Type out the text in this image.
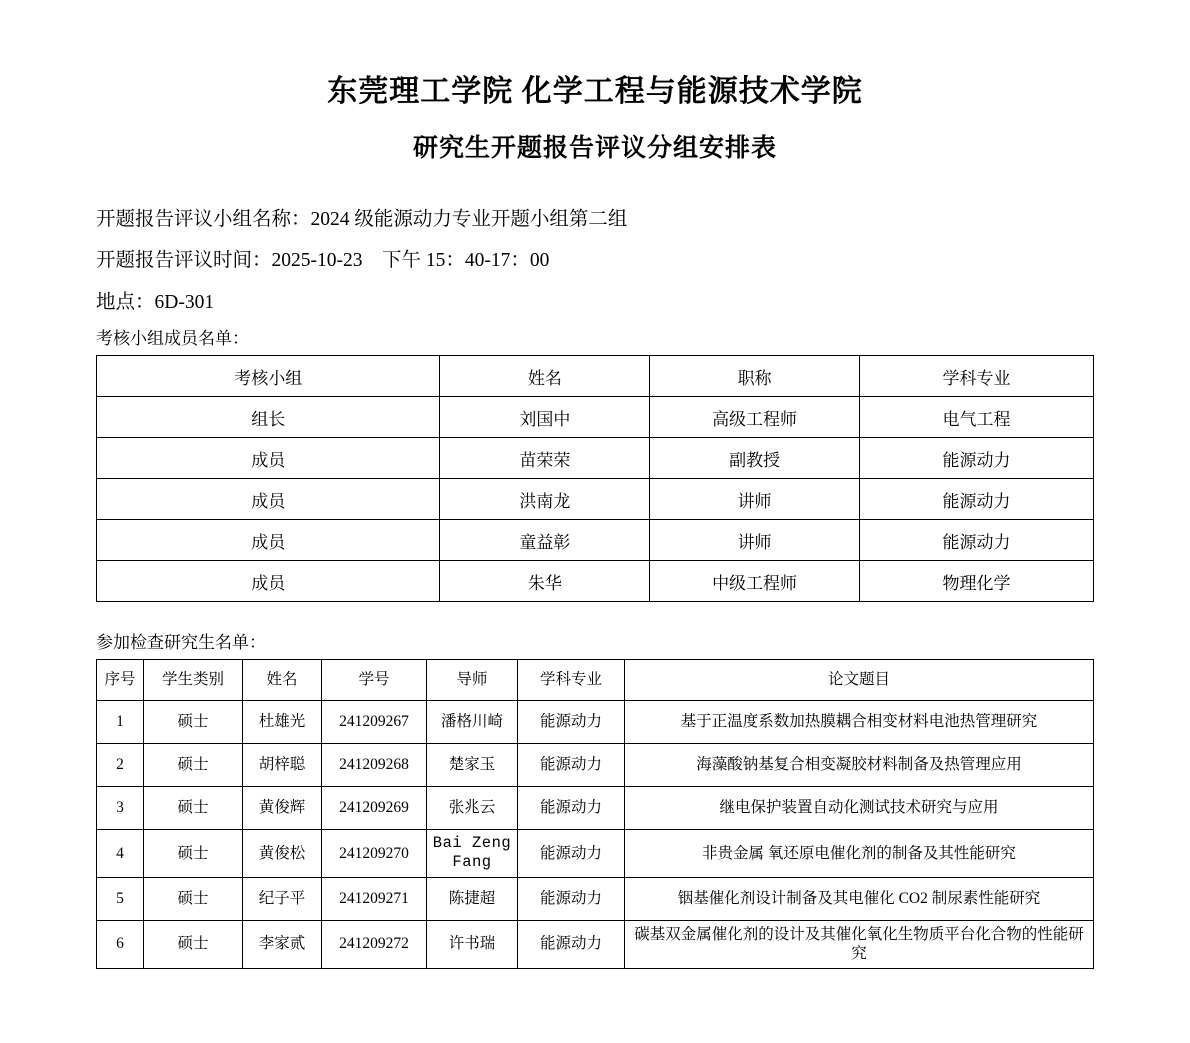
东莞理工学院 化学工程与能源技术学院
研究生开题报告评议分组安排表
开题报告评议小组名称：2024 级能源动力专业开题小组第二组
开题报告评议时间：2025-10-23    下午 15：40-17：00
地点：6D-301
考核小组成员名单：
考核小组	姓名	职称	学科专业
组长	刘国中	高级工程师	电气工程
成员	苗荣荣	副教授	能源动力
成员	洪南龙	讲师	能源动力
成员	童益彰	讲师	能源动力
成员	朱华	中级工程师	物理化学
参加检查研究生名单：
序号	学生类别	姓名	学号	导师	学科专业	论文题目
1	硕士	杜雄光	241209267	潘格川崎	能源动力	基于正温度系数加热膜耦合相变材料电池热管理研究
2	硕士	胡梓聪	241209268	楚家玉	能源动力	海藻酸钠基复合相变凝胶材料制备及热管理应用
3	硕士	黄俊辉	241209269	张兆云	能源动力	继电保护装置自动化测试技术研究与应用
4	硕士	黄俊松	241209270	Bai Zeng Fang	能源动力	非贵金属 氧还原电催化剂的制备及其性能研究
5	硕士	纪子平	241209271	陈捷超	能源动力	铟基催化剂设计制备及其电催化 CO2 制尿素性能研究
6	硕士	李家贰	241209272	许书瑞	能源动力	碳基双金属催化剂的设计及其催化氧化生物质平台化合物的性能研究
